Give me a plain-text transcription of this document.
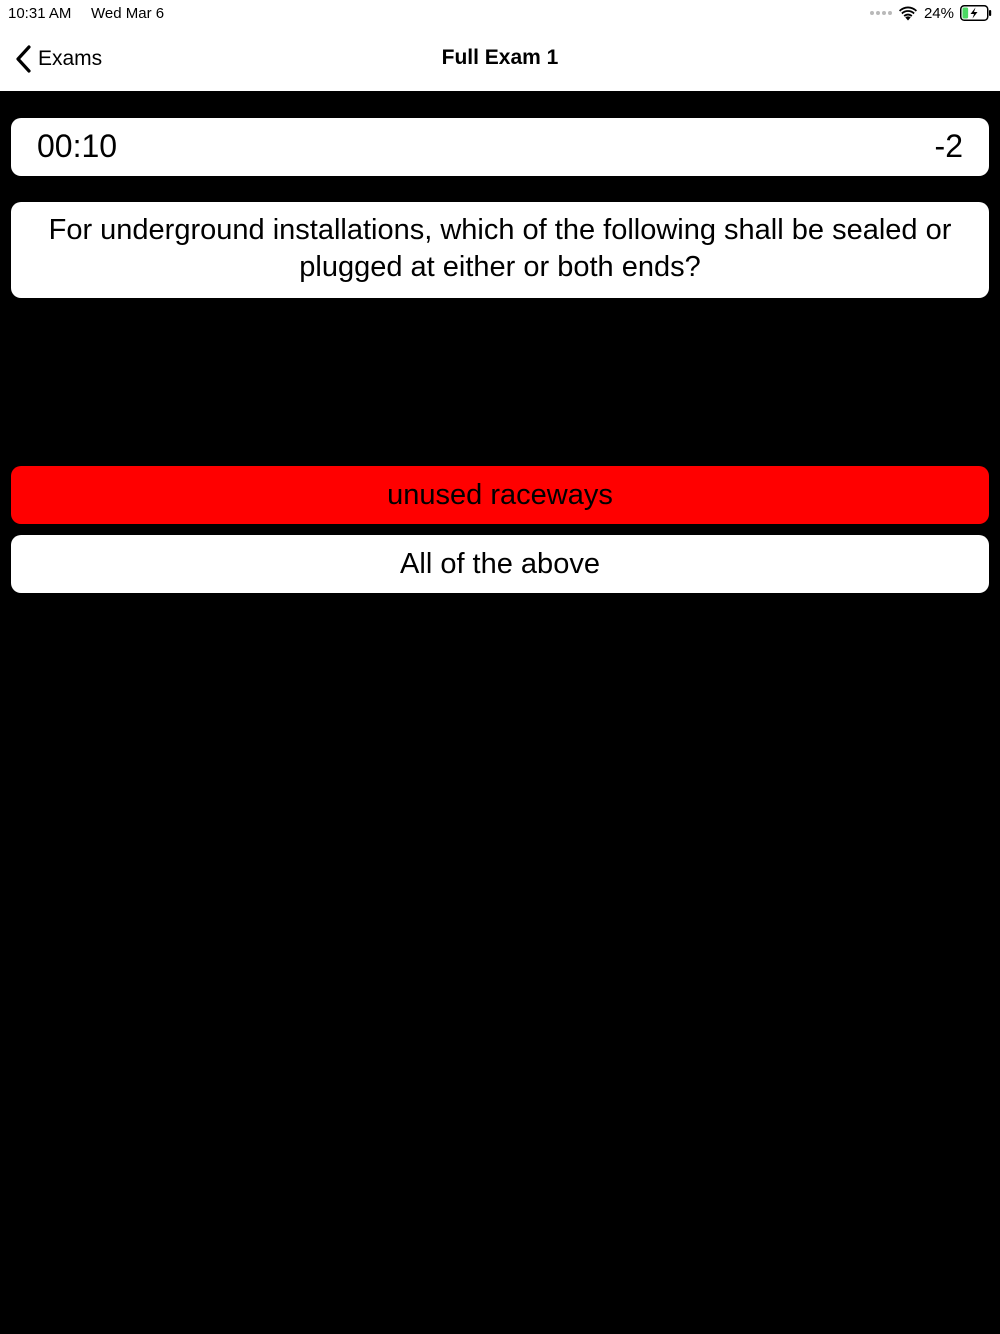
10:31 AM Wed Mar 6	24%
Exams	Full Exam 1
00:10	-2
For underground installations, which of the following shall be sealed or plugged at either or both ends?
unused raceways
All of the above
